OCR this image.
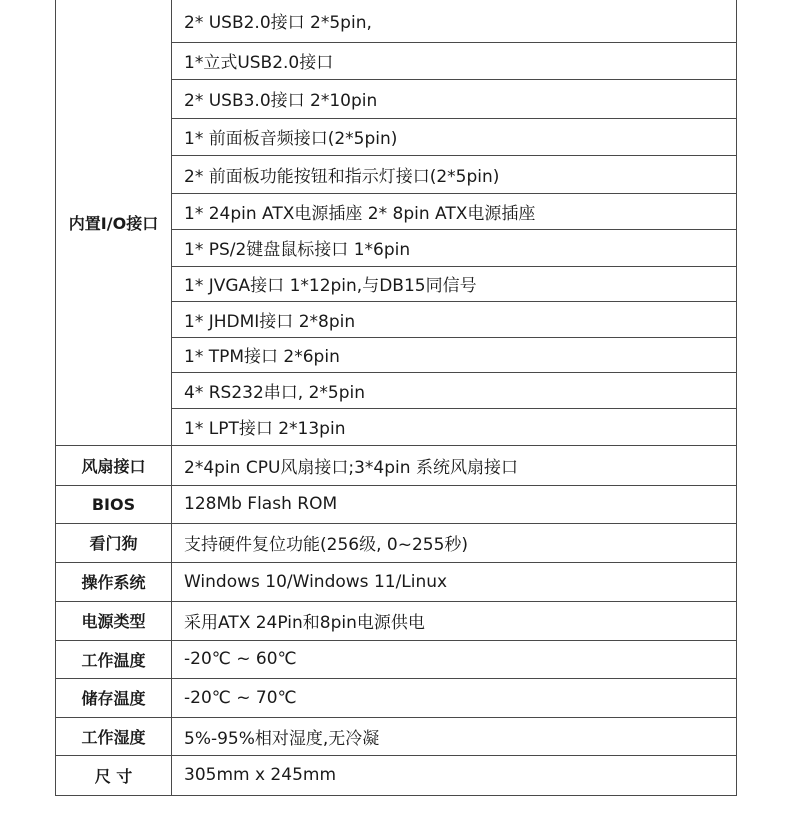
内置I/O接口	2* USB2.0接口 2*5pin,
	1*立式USB2.0接口
	2* USB3.0接口 2*10pin
	1* 前面板音频接口(2*5pin)
	2* 前面板功能按钮和指示灯接口(2*5pin)
	1* 24pin ATX电源插座 2* 8pin ATX电源插座
	1* PS/2键盘鼠标接口 1*6pin
	1* JVGA接口 1*12pin,与DB15同信号
	1* JHDMI接口 2*8pin
	1* TPM接口 2*6pin
	4* RS232串口, 2*5pin
	1* LPT接口 2*13pin
风扇接口	2*4pin CPU风扇接口;3*4pin 系统风扇接口
BIOS	128Mb Flash ROM
看门狗	支持硬件复位功能(256级, 0~255秒)
操作系统	Windows 10/Windows 11/Linux
电源类型	采用ATX 24Pin和8pin电源供电
工作温度	-20℃ ~ 60℃
储存温度	-20℃ ~ 70℃
工作湿度	5%-95%相对湿度,无冷凝
尺 寸	305mm x 245mm
